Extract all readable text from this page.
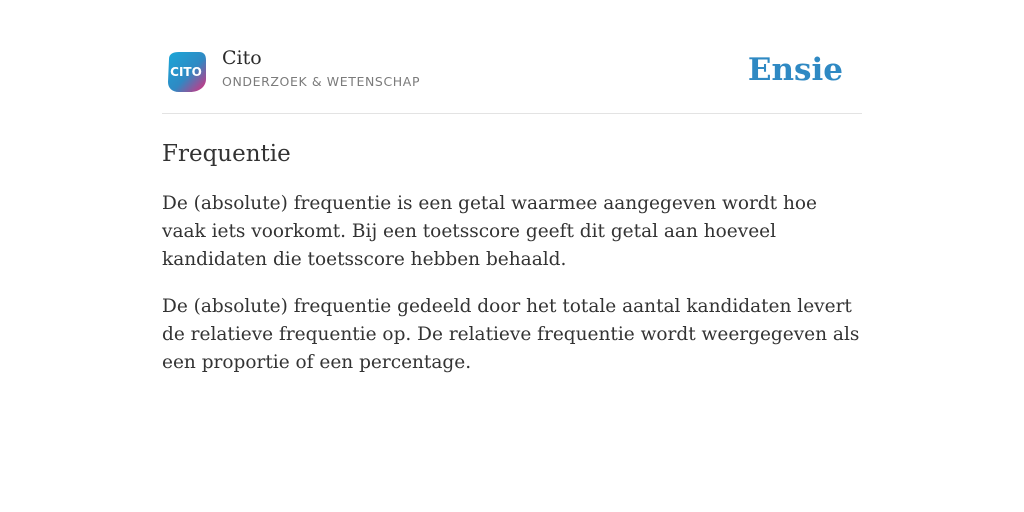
CITO
Cito
ONDERZOEK & WETENSCHAP	Ensie
Frequentie

De (absolute) frequentie is een getal waarmee aangegeven wordt hoe vaak iets voorkomt. Bij een toetsscore geeft dit getal aan hoeveel kandidaten die toetsscore hebben behaald.

De (absolute) frequentie gedeeld door het totale aantal kandidaten levert de relatieve frequentie op. De relatieve frequentie wordt weergegeven als een proportie of een percentage.
